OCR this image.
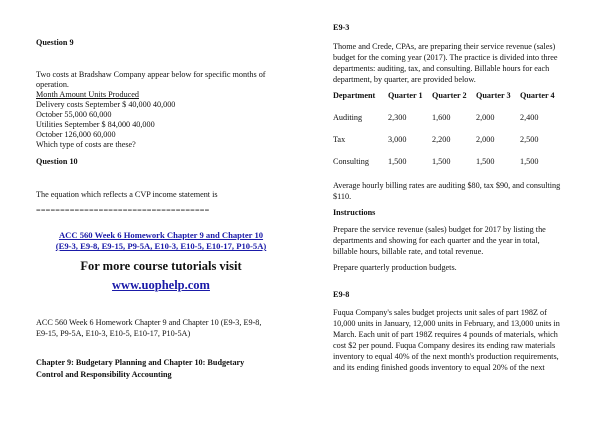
Question 9
Two costs at Bradshaw Company appear below for specific months of
operation.
Month Amount Units Produced
Delivery costs September $ 40,000 40,000
October 55,000 60,000
Utilities September $ 84,000 40,000
October 126,000 60,000
Which type of costs are these?
Question 10
The equation which reflects a CVP income statement is
====================================
ACC 560 Week 6 Homework Chapter 9 and Chapter 10
(E9-3, E9-8, E9-15, P9-5A, E10-3, E10-5, E10-17, P10-5A)
For more course tutorials visit
www.uophelp.com
ACC 560 Week 6 Homework Chapter 9 and Chapter 10 (E9-3, E9-8,
E9-15, P9-5A, E10-3, E10-5, E10-17, P10-5A)
Chapter 9: Budgetary Planning and Chapter 10: Budgetary
Control and Responsibility Accounting
E9-3
Thome and Crede, CPAs, are preparing their service revenue (sales)
budget for the coming year (2017). The practice is divided into three
departments: auditing, tax, and consulting. Billable hours for each
department, by quarter, are provided below.
Department	Quarter 1	Quarter 2	Quarter 3	Quarter 4
Auditing	2,300	1,600	2,000	2,400
Tax	3,000	2,200	2,000	2,500
Consulting	1,500	1,500	1,500	1,500
Average hourly billing rates are auditing $80, tax $90, and consulting
$110.
Instructions
Prepare the service revenue (sales) budget for 2017 by listing the
departments and showing for each quarter and the year in total,
billable hours, billable rate, and total revenue.
Prepare quarterly production budgets.
E9-8
Fuqua Company's sales budget projects unit sales of part 198Z of
10,000 units in January, 12,000 units in February, and 13,000 units in
March. Each unit of part 198Z requires 4 pounds of materials, which
cost $2 per pound. Fuqua Company desires its ending raw materials
inventory to equal 40% of the next month's production requirements,
and its ending finished goods inventory to equal 20% of the next
